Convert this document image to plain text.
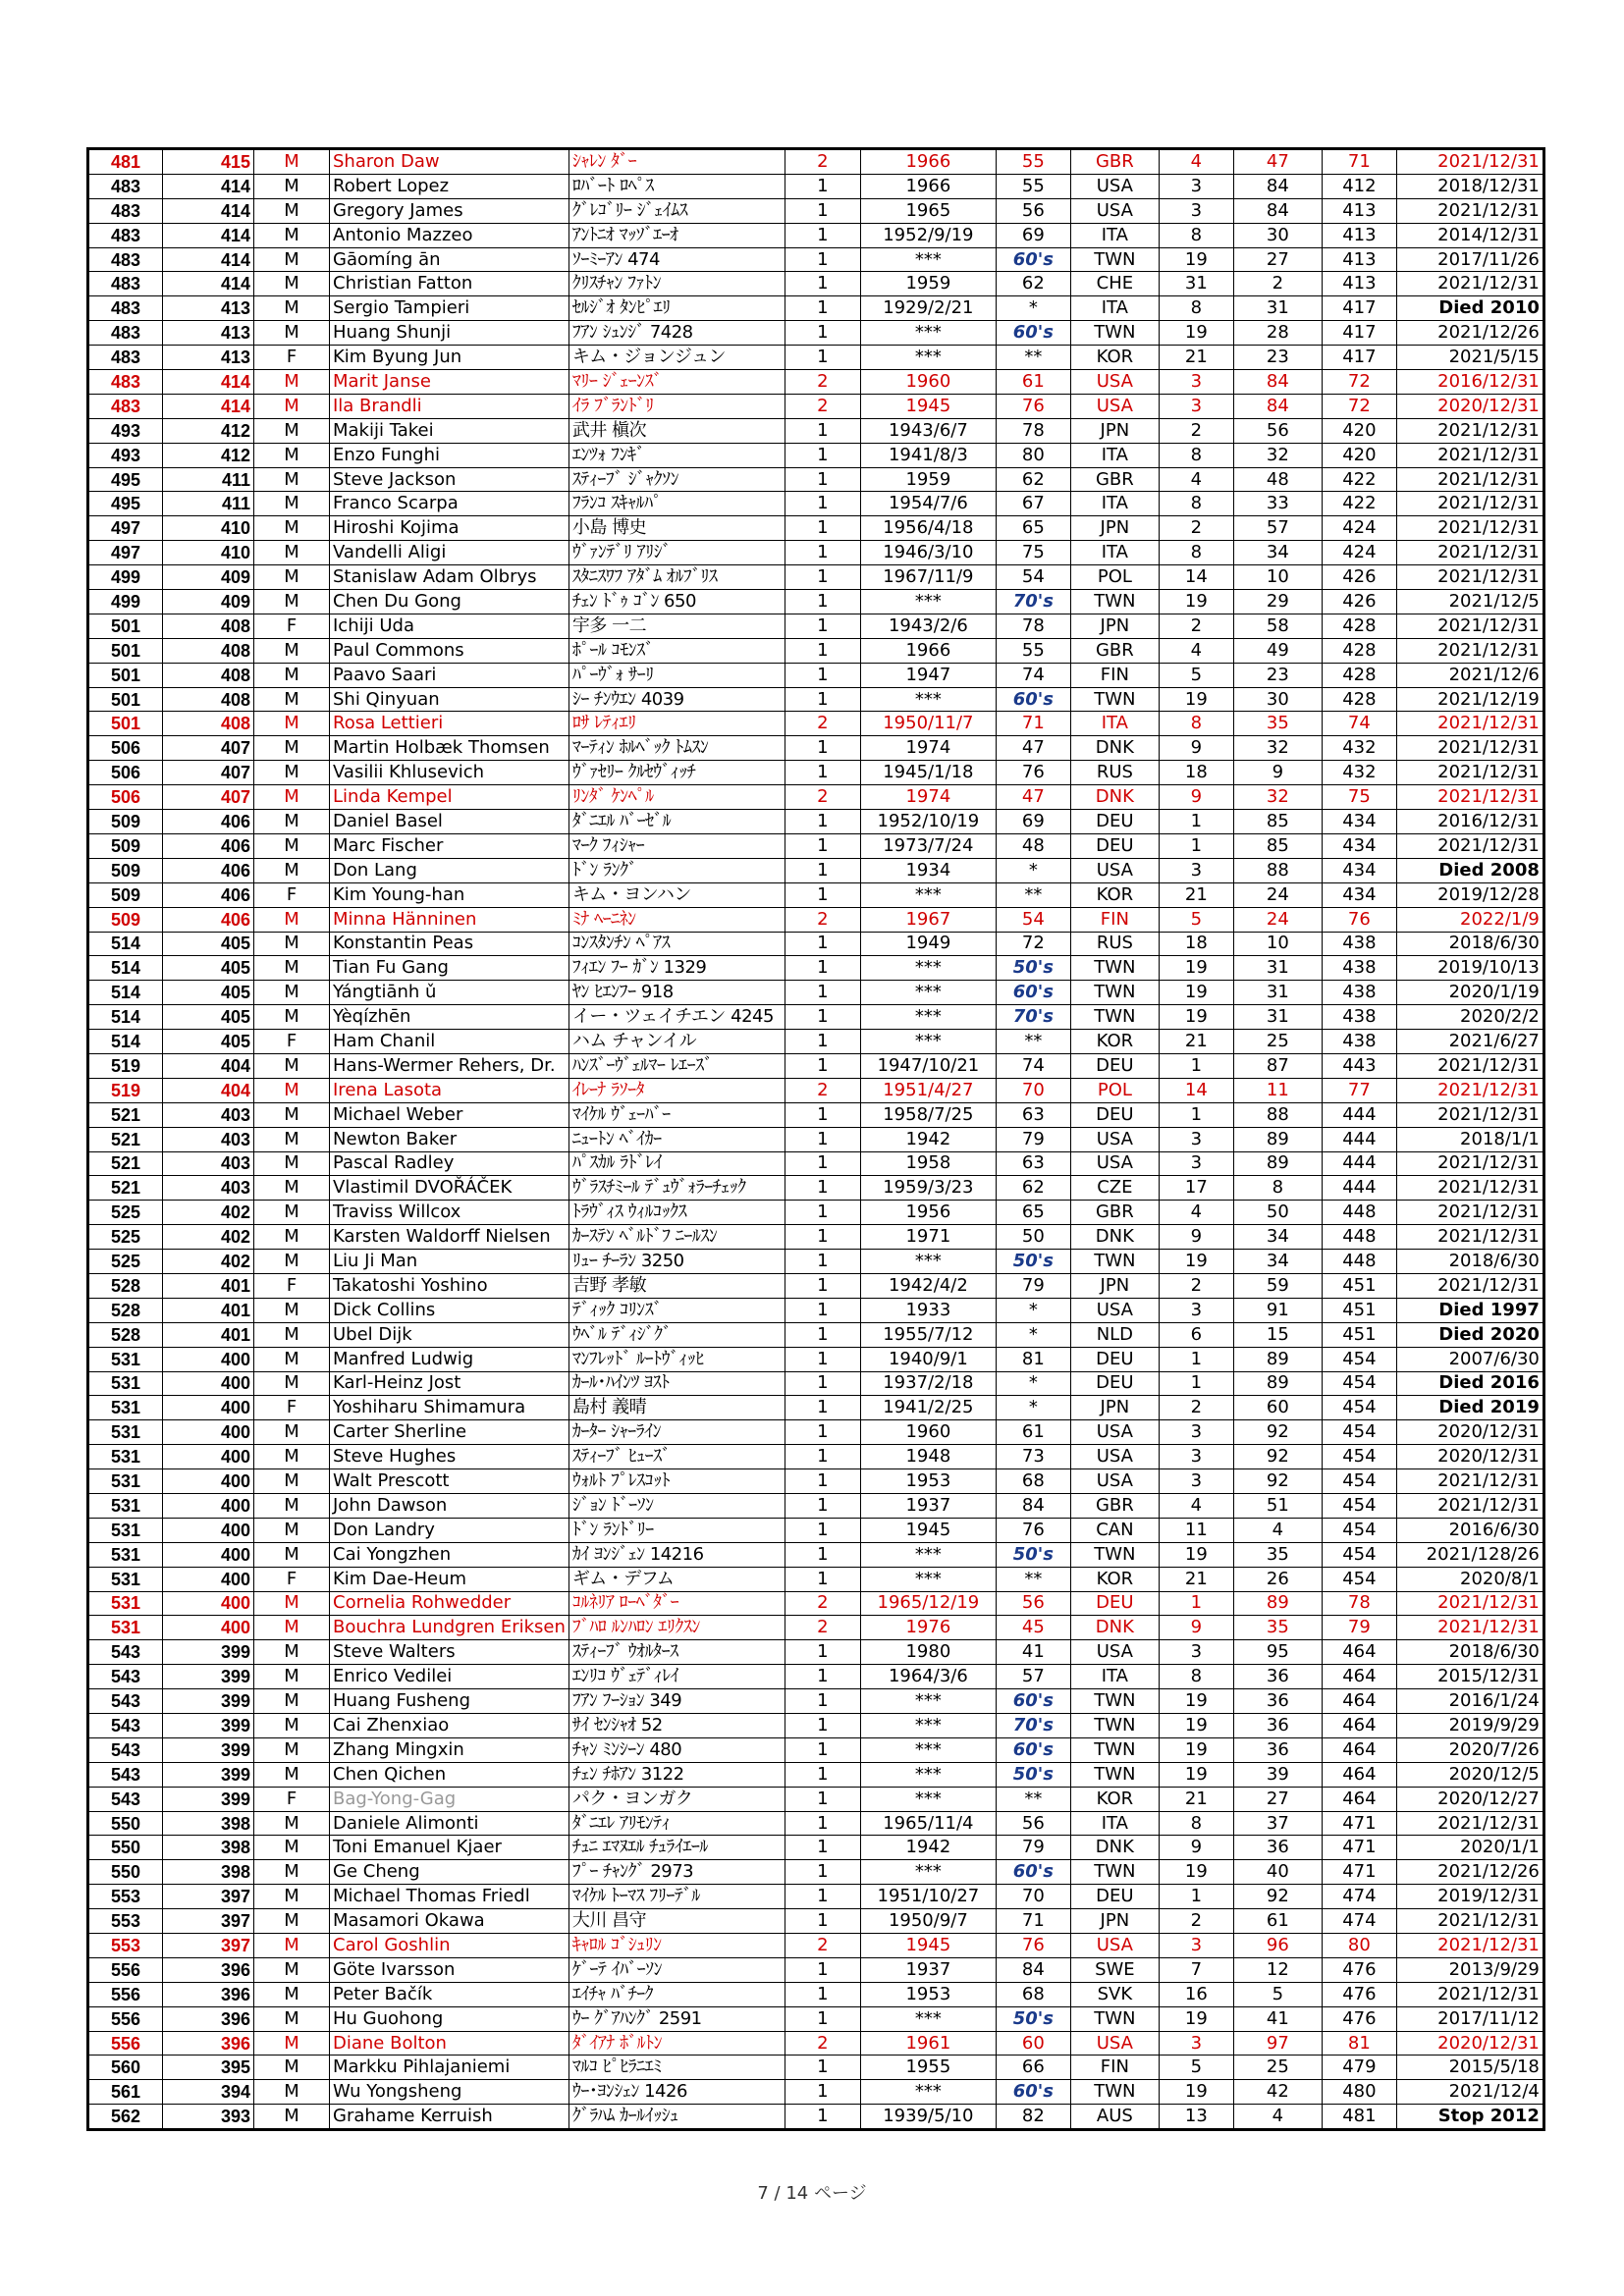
481	415	M	Sharon Daw	ｼｬﾚﾝ ﾀﾞｰ	2	1966	55	GBR	4	47	71	2021/12/31
483	414	M	Robert Lopez	ﾛﾊﾞｰﾄ ﾛﾍﾟｽ	1	1966	55	USA	3	84	412	2018/12/31
483	414	M	Gregory James	ｸﾞﾚｺﾞﾘｰ ｼﾞｪｲﾑｽ	1	1965	56	USA	3	84	413	2021/12/31
483	414	M	Antonio Mazzeo	ｱﾝﾄﾆｵ ﾏｯｿﾞｴｰｵ	1	1952/9/19	69	ITA	8	30	413	2014/12/31
483	414	M	Gāomíng ān	ｿｰﾐｰｱﾝ 474	1	***	60's	TWN	19	27	413	2017/11/26
483	414	M	Christian Fatton	ｸﾘｽﾁｬﾝ ﾌｧﾄﾝ	1	1959	62	CHE	31	2	413	2021/12/31
483	413	M	Sergio Tampieri	ｾﾙｼﾞｵ ﾀﾝﾋﾟｴﾘ	1	1929/2/21	*	ITA	8	31	417	Died 2010
483	413	M	Huang Shunji	ﾌｱﾝ ｼｭﾝｼﾞ 7428	1	***	60's	TWN	19	28	417	2021/12/26
483	413	F	Kim Byung Jun	キム・ジョンジュン	1	***	**	KOR	21	23	417	2021/5/15
483	414	M	Marit Janse	ﾏﾘｰ ｼﾞｪｰﾝｽﾞ	2	1960	61	USA	3	84	72	2016/12/31
483	414	M	Ila Brandli	ｲﾗ ﾌﾞﾗﾝﾄﾞﾘ	2	1945	76	USA	3	84	72	2020/12/31
493	412	M	Makiji Takei	武井 槇次	1	1943/6/7	78	JPN	2	56	420	2021/12/31
493	412	M	Enzo Funghi	ｴﾝﾂｫ ﾌﾝｷﾞ	1	1941/8/3	80	ITA	8	32	420	2021/12/31
495	411	M	Steve Jackson	ｽﾃｨｰﾌﾞ ｼﾞｬｸｿﾝ	1	1959	62	GBR	4	48	422	2021/12/31
495	411	M	Franco Scarpa	ﾌﾗﾝｺ ｽｷｬﾙﾊﾟ	1	1954/7/6	67	ITA	8	33	422	2021/12/31
497	410	M	Hiroshi Kojima	小島 博史	1	1956/4/18	65	JPN	2	57	424	2021/12/31
497	410	M	Vandelli Aligi	ｳﾞｧﾝﾃﾞﾘ ｱﾘｼﾞ	1	1946/3/10	75	ITA	8	34	424	2021/12/31
499	409	M	Stanislaw Adam Olbrys	ｽﾀﾆｽﾜﾌ ｱﾀﾞﾑ ｵﾙﾌﾞﾘｽ	1	1967/11/9	54	POL	14	10	426	2021/12/31
499	409	M	Chen Du Gong	ﾁｪﾝ ﾄﾞｩ ｺﾞﾝ 650	1	***	70's	TWN	19	29	426	2021/12/5
501	408	F	Ichiji Uda	宇多 一二	1	1943/2/6	78	JPN	2	58	428	2021/12/31
501	408	M	Paul Commons	ﾎﾟｰﾙ ｺﾓﾝｽﾞ	1	1966	55	GBR	4	49	428	2021/12/31
501	408	M	Paavo Saari	ﾊﾟｰｳﾞｫ ｻｰﾘ	1	1947	74	FIN	5	23	428	2021/12/6
501	408	M	Shi Qinyuan	ｼｰ ﾁﾝｳｴﾝ 4039	1	***	60's	TWN	19	30	428	2021/12/19
501	408	M	Rosa Lettieri	ﾛｻ ﾚﾃｨｴﾘ	2	1950/11/7	71	ITA	8	35	74	2021/12/31
506	407	M	Martin Holbæk Thomsen	ﾏｰﾃｨﾝ ﾎﾙﾍﾞｯｸ ﾄﾑｽﾝ	1	1974	47	DNK	9	32	432	2021/12/31
506	407	M	Vasilii Khlusevich	ｳﾞｧｾﾘｰ ｸﾙｾｳﾞｨｯﾁ	1	1945/1/18	76	RUS	18	9	432	2021/12/31
506	407	M	Linda Kempel	ﾘﾝﾀﾞ ｹﾝﾍﾟﾙ	2	1974	47	DNK	9	32	75	2021/12/31
509	406	M	Daniel Basel	ﾀﾞﾆｴﾙ ﾊﾞｰｾﾞﾙ	1	1952/10/19	69	DEU	1	85	434	2016/12/31
509	406	M	Marc Fischer	ﾏｰｸ ﾌｨｼｬｰ	1	1973/7/24	48	DEU	1	85	434	2021/12/31
509	406	M	Don Lang	ﾄﾞﾝ ﾗﾝｸﾞ	1	1934	*	USA	3	88	434	Died 2008
509	406	F	Kim Young-han	キム・ヨンハン	1	***	**	KOR	21	24	434	2019/12/28
509	406	M	Minna Hänninen	ﾐﾅ ﾍｰﾆﾈﾝ	2	1967	54	FIN	5	24	76	2022/1/9
514	405	M	Konstantin Peas	ｺﾝｽﾀﾝﾁﾝ ﾍﾟｱｽ	1	1949	72	RUS	18	10	438	2018/6/30
514	405	M	Tian Fu Gang	ﾌｨｴﾝ ﾌｰ ｶﾞﾝ 1329	1	***	50's	TWN	19	31	438	2019/10/13
514	405	M	Yángtiānh ǔ	ﾔﾝ ﾋｴﾝﾌｰ 918	1	***	60's	TWN	19	31	438	2020/1/19
514	405	M	Yèqízhēn	イー・ツェイチエン 4245	1	***	70's	TWN	19	31	438	2020/2/2
514	405	F	Ham Chanil	ハム チャンイル	1	***	**	KOR	21	25	438	2021/6/27
519	404	M	Hans-Wermer Rehers, Dr.	ﾊﾝｽﾞｰｳﾞｪﾙﾏｰ ﾚｴｰｽﾞ	1	1947/10/21	74	DEU	1	87	443	2021/12/31
519	404	M	Irena Lasota	ｲﾚｰﾅ ﾗｿｰﾀ	2	1951/4/27	70	POL	14	11	77	2021/12/31
521	403	M	Michael Weber	ﾏｲｹﾙ ｳﾞｪｰﾊﾞｰ	1	1958/7/25	63	DEU	1	88	444	2021/12/31
521	403	M	Newton Baker	ﾆｭｰﾄﾝ ﾍﾞｲｶｰ	1	1942	79	USA	3	89	444	2018/1/1
521	403	M	Pascal Radley	ﾊﾟｽｶﾙ ﾗﾄﾞﾚｲ	1	1958	63	USA	3	89	444	2021/12/31
521	403	M	Vlastimil DVOŘÁČEK	ｳﾞﾗｽﾁﾐｰﾙ ﾃﾞｭｳﾞｫﾗｰﾁｪｯｸ	1	1959/3/23	62	CZE	17	8	444	2021/12/31
525	402	M	Traviss Willcox	ﾄﾗｳﾞｨｽ ｳｨﾙｺｯｸｽ	1	1956	65	GBR	4	50	448	2021/12/31
525	402	M	Karsten Waldorff Nielsen	ｶｰｽﾃﾝ ﾍﾞﾙﾄﾞﾌ ﾆｰﾙｽﾝ	1	1971	50	DNK	9	34	448	2021/12/31
525	402	M	Liu Ji Man	ﾘｭｰ ﾁｰﾗﾝ 3250	1	***	50's	TWN	19	34	448	2018/6/30
528	401	F	Takatoshi Yoshino	吉野 孝敏	1	1942/4/2	79	JPN	2	59	451	2021/12/31
528	401	M	Dick Collins	ﾃﾞｨｯｸ ｺﾘﾝｽﾞ	1	1933	*	USA	3	91	451	Died 1997
528	401	M	Ubel Dijk	ｳﾍﾞﾙ ﾃﾞｨｼﾞｸﾞ	1	1955/7/12	*	NLD	6	15	451	Died 2020
531	400	M	Manfred Ludwig	ﾏﾝﾌﾚｯﾄﾞ ﾙｰﾄｳﾞｨｯﾋ	1	1940/9/1	81	DEU	1	89	454	2007/6/30
531	400	M	Karl-Heinz Jost	ｶｰﾙ･ﾊｲﾝﾂ ﾖｽﾄ	1	1937/2/18	*	DEU	1	89	454	Died 2016
531	400	F	Yoshiharu Shimamura	島村 義晴	1	1941/2/25	*	JPN	2	60	454	Died 2019
531	400	M	Carter Sherline	ｶｰﾀｰ ｼｬｰﾗｲﾝ	1	1960	61	USA	3	92	454	2020/12/31
531	400	M	Steve Hughes	ｽﾃｨｰﾌﾞ ﾋｭｰｽﾞ	1	1948	73	USA	3	92	454	2020/12/31
531	400	M	Walt Prescott	ｳｫﾙﾄ ﾌﾟﾚｽｺｯﾄ	1	1953	68	USA	3	92	454	2021/12/31
531	400	M	John Dawson	ｼﾞｮﾝ ﾄﾞｰｿﾝ	1	1937	84	GBR	4	51	454	2021/12/31
531	400	M	Don Landry	ﾄﾞﾝ ﾗﾝﾄﾞﾘｰ	1	1945	76	CAN	11	4	454	2016/6/30
531	400	M	Cai Yongzhen	ｶｲ ﾖﾝｼﾞｪﾝ 14216	1	***	50's	TWN	19	35	454	2021/128/26
531	400	F	Kim Dae-Heum	ギム・デフム	1	***	**	KOR	21	26	454	2020/8/1
531	400	M	Cornelia Rohwedder	ｺﾙﾈﾘｱ ﾛｰﾍﾞﾀﾞｰ	2	1965/12/19	56	DEU	1	89	78	2021/12/31
531	400	M	Bouchra Lundgren Eriksen	ﾌﾞﾊﾛ ﾙﾝﾊﾛﾝ ｴﾘｸｽﾝ	2	1976	45	DNK	9	35	79	2021/12/31
543	399	M	Steve Walters	ｽﾃｨｰﾌﾞ ｳｵﾙﾀｰｽ	1	1980	41	USA	3	95	464	2018/6/30
543	399	M	Enrico Vedilei	ｴﾝﾘｺ ｳﾞｪﾃﾞｨﾚｲ	1	1964/3/6	57	ITA	8	36	464	2015/12/31
543	399	M	Huang Fusheng	ﾌｱﾝ ﾌｰｼｮﾝ 349	1	***	60's	TWN	19	36	464	2016/1/24
543	399	M	Cai Zhenxiao	ｻｲ ｾﾝｼｬｵ 52	1	***	70's	TWN	19	36	464	2019/9/29
543	399	M	Zhang Mingxin	ﾁｬﾝ ﾐﾝｼｰﾝ 480	1	***	60's	TWN	19	36	464	2020/7/26
543	399	M	Chen Qichen	ﾁｪﾝ ﾁﾎｱﾝ 3122	1	***	50's	TWN	19	39	464	2020/12/5
543	399	F	Bag-Yong-Gag	パク・ヨンガク	1	***	**	KOR	21	27	464	2020/12/27
550	398	M	Daniele Alimonti	ﾀﾞﾆｴﾚ ｱﾘﾓﾝﾃｨ	1	1965/11/4	56	ITA	8	37	471	2021/12/31
550	398	M	Toni Emanuel Kjaer	ﾁｭﾆ ｴﾏﾇｴﾙ ﾁｭﾗｲｴｰﾙ	1	1942	79	DNK	9	36	471	2020/1/1
550	398	M	Ge Cheng	ﾌﾟｰ ﾁｬﾝｸﾞ 2973	1	***	60's	TWN	19	40	471	2021/12/26
553	397	M	Michael Thomas Friedl	ﾏｲｹﾙ ﾄｰﾏｽ ﾌﾘｰﾃﾞﾙ	1	1951/10/27	70	DEU	1	92	474	2019/12/31
553	397	M	Masamori Okawa	大川 昌守	1	1950/9/7	71	JPN	2	61	474	2021/12/31
553	397	M	Carol Goshlin	ｷｬﾛﾙ ｺﾞｼｭﾘﾝ	2	1945	76	USA	3	96	80	2021/12/31
556	396	M	Göte Ivarsson	ｹﾞｰﾃ ｲﾊﾞｰｿﾝ	1	1937	84	SWE	7	12	476	2013/9/29
556	396	M	Peter Bačík	ｴｲﾁｬ ﾊﾞﾁｰｸ	1	1953	68	SVK	16	5	476	2021/12/31
556	396	M	Hu Guohong	ｳｰ ｸﾞｱﾊﾝｸﾞ 2591	1	***	50's	TWN	19	41	476	2017/11/12
556	396	M	Diane Bolton	ﾀﾞｲｱﾅ ﾎﾞﾙﾄﾝ	2	1961	60	USA	3	97	81	2020/12/31
560	395	M	Markku Pihlajaniemi	ﾏﾙｺ ﾋﾟﾋﾗﾆｴﾐ	1	1955	66	FIN	5	25	479	2015/5/18
561	394	M	Wu Yongsheng	ｳｰ･ﾖﾝｼｪﾝ 1426	1	***	60's	TWN	19	42	480	2021/12/4
562	393	M	Grahame Kerruish	ｸﾞﾗﾊﾑ ｶｰﾙｲｯｼｭ	1	1939/5/10	82	AUS	13	4	481	Stop 2012
7 / 14 ページ
